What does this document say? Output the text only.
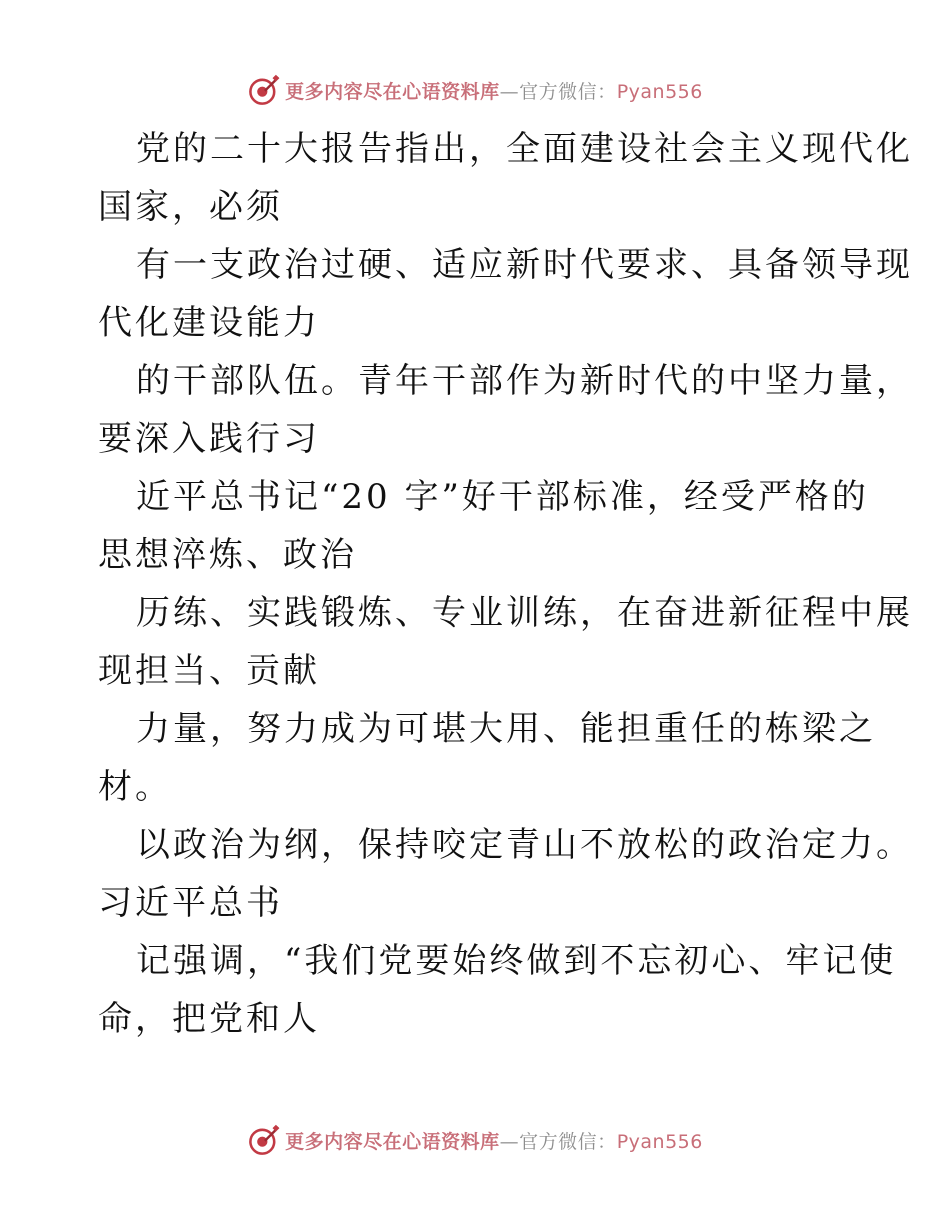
更多内容尽在心语资料库—官方微信：Pyan556
党的二十大报告指出，全面建设社会主义现代化
国家，必须
有一支政治过硬、适应新时代要求、具备领导现
代化建设能力
的干部队伍。青年干部作为新时代的中坚力量，
要深入践行习
近平总书记“20 字”好干部标准，经受严格的
思想淬炼、政治
历练、实践锻炼、专业训练，在奋进新征程中展
现担当、贡献
力量，努力成为可堪大用、能担重任的栋梁之
材。
以政治为纲，保持咬定青山不放松的政治定力。
习近平总书
记强调，“我们党要始终做到不忘初心、牢记使
命，把党和人
更多内容尽在心语资料库—官方微信：Pyan556
